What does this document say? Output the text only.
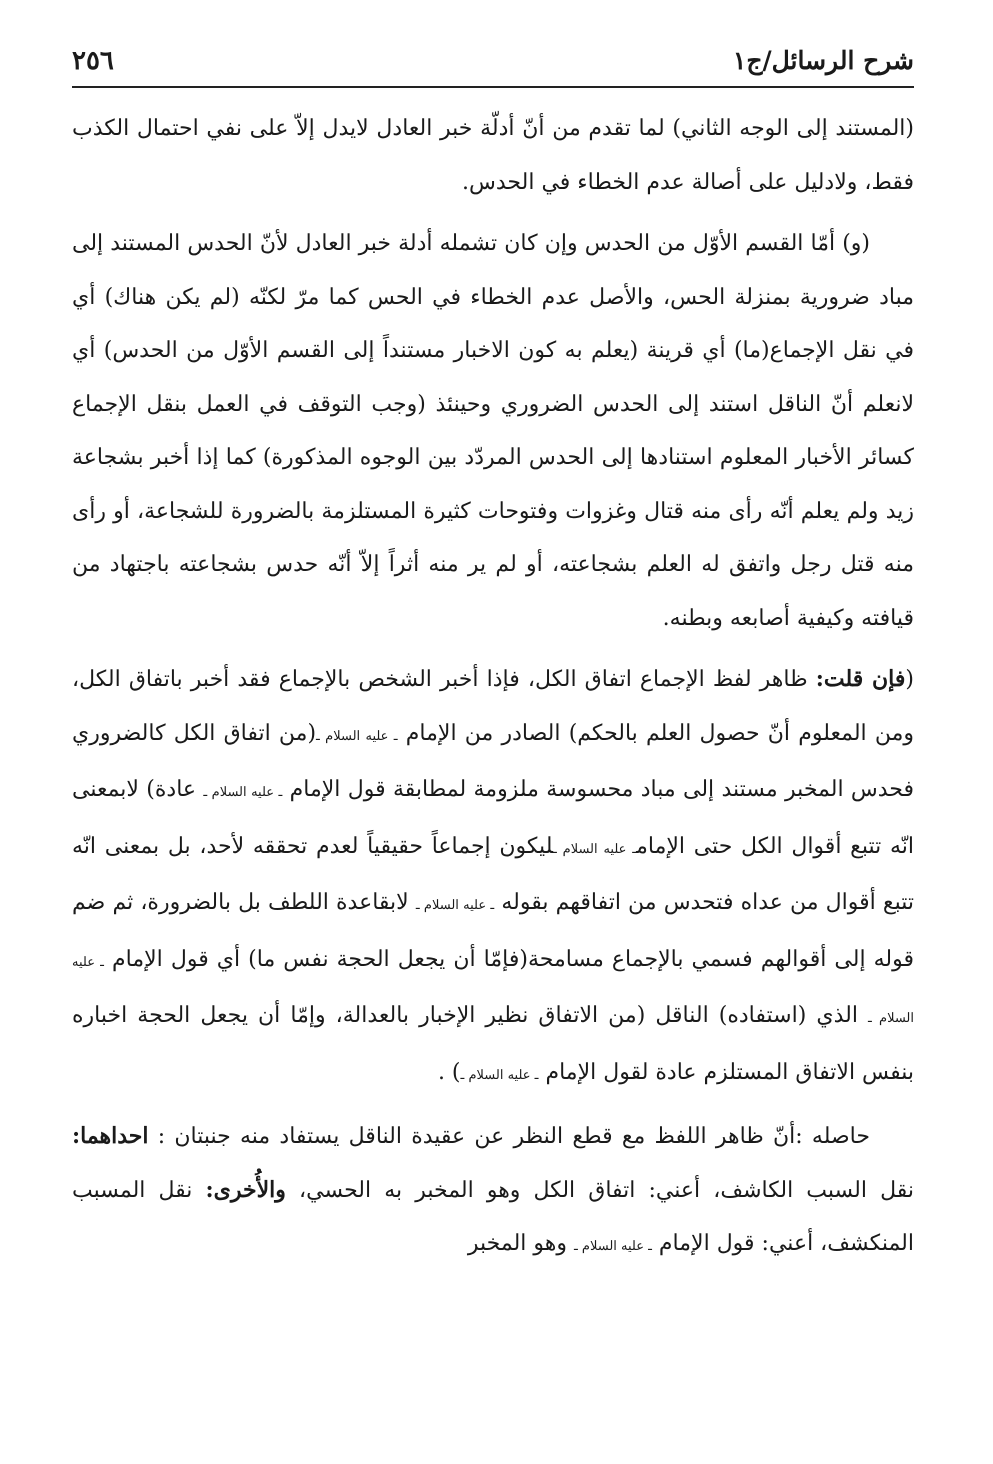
شرح الرسائل/ج١
٢٥٦

(المستند إلى الوجه الثاني) لما تقدم من أنّ أدلّة خبر العادل لايدل إلاّ على نفي احتمال الكذب فقط، ولادليل على أصالة عدم الخطاء في الحدس.

(و) أمّا القسم الأوّل من الحدس وإن كان تشمله أدلة خبر العادل لأنّ الحدس المستند إلى مباد ضرورية بمنزلة الحس، والأصل عدم الخطاء في الحس كما مرّ لكنّه (لم يكن هناك) أي في نقل الإجماع(ما) أي قرينة (يعلم به كون الاخبار مستنداً إلى القسم الأوّل من الحدس) أي لانعلم أنّ الناقل استند إلى الحدس الضروري وحينئذ (وجب التوقف في العمل بنقل الإجماع كسائر الأخبار المعلوم استنادها إلى الحدس المردّد بين الوجوه المذكورة) كما إذا أخبر بشجاعة زيد ولم يعلم أنّه رأى منه قتال وغزوات وفتوحات كثيرة المستلزمة بالضرورة للشجاعة، أو رأى منه قتل رجل واتفق له العلم بشجاعته، أو لم ير منه أثراً إلاّ أنّه حدس بشجاعته باجتهاد من قيافته وكيفية أصابعه وبطنه.

(فإن قلت: ظاهر لفظ الإجماع اتفاق الكل، فإذا أخبر الشخص بالإجماع فقد أخبر باتفاق الكل، ومن المعلوم أنّ حصول العلم بالحكم) الصادر من الإمام ـ عليه السلام ـ(من اتفاق الكل كالضروري فحدس المخبر مستند إلى مباد محسوسة ملزومة لمطابقة قول الإمام ـ عليه السلام ـ عادة) لابمعنى انّه تتبع أقوال الكل حتى الإمامـ عليه السلام ـليكون إجماعاً حقيقياً لعدم تحققه لأحد، بل بمعنى انّه تتبع أقوال من عداه فتحدس من اتفاقهم بقوله ـ عليه السلام ـ لابقاعدة اللطف بل بالضرورة، ثم ضم قوله إلى أقوالهم فسمي بالإجماع مسامحة(فإمّا أن يجعل الحجة نفس ما) أي قول الإمام ـ عليه السلام ـ الذي (استفاده) الناقل (من الاتفاق نظير الإخبار بالعدالة، وإمّا أن يجعل الحجة اخباره بنفس الاتفاق المستلزم عادة لقول الإمام ـ عليه السلام ـ) .

حاصله :أنّ ظاهر اللفظ مع قطع النظر عن عقيدة الناقل يستفاد منه جنبتان : احداهما: نقل السبب الكاشف، أعني: اتفاق الكل وهو المخبر به الحسي، والأُخرى: نقل المسبب المنكشف، أعني: قول الإمام ـ عليه السلام ـ وهو المخبر
